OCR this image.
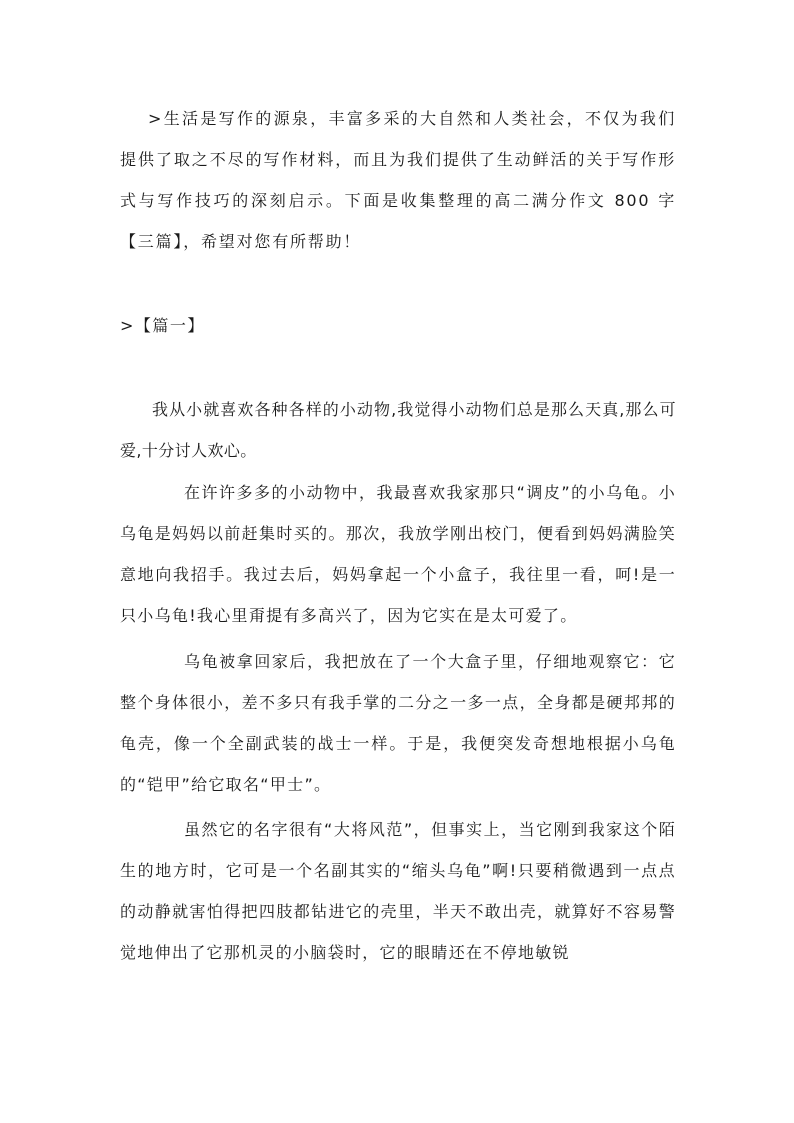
>生活是写作的源泉，丰富多采的大自然和人类社会，不仅为我们提供了取之不尽的写作材料，而且为我们提供了生动鲜活的关于写作形式与写作技巧的深刻启示。下面是收集整理的高二满分作文 800 字【三篇】，希望对您有所帮助！

>【篇一】

我从小就喜欢各种各样的小动物,我觉得小动物们总是那么天真,那么可爱,十分讨人欢心。

在许许多多的小动物中，我最喜欢我家那只“调皮”的小乌龟。小乌龟是妈妈以前赶集时买的。那次，我放学刚出校门，便看到妈妈满脸笑意地向我招手。我过去后，妈妈拿起一个小盒子，我往里一看，呵!是一只小乌龟!我心里甭提有多高兴了，因为它实在是太可爱了。

乌龟被拿回家后，我把放在了一个大盒子里，仔细地观察它：它整个身体很小，差不多只有我手掌的二分之一多一点，全身都是硬邦邦的龟壳，像一个全副武装的战士一样。于是，我便突发奇想地根据小乌龟的“铠甲”给它取名“甲士”。

虽然它的名字很有“大将风范”，但事实上，当它刚到我家这个陌生的地方时，它可是一个名副其实的“缩头乌龟”啊!只要稍微遇到一点点的动静就害怕得把四肢都钻进它的壳里，半天不敢出壳，就算好不容易警觉地伸出了它那机灵的小脑袋时，它的眼睛还在不停地敏锐
